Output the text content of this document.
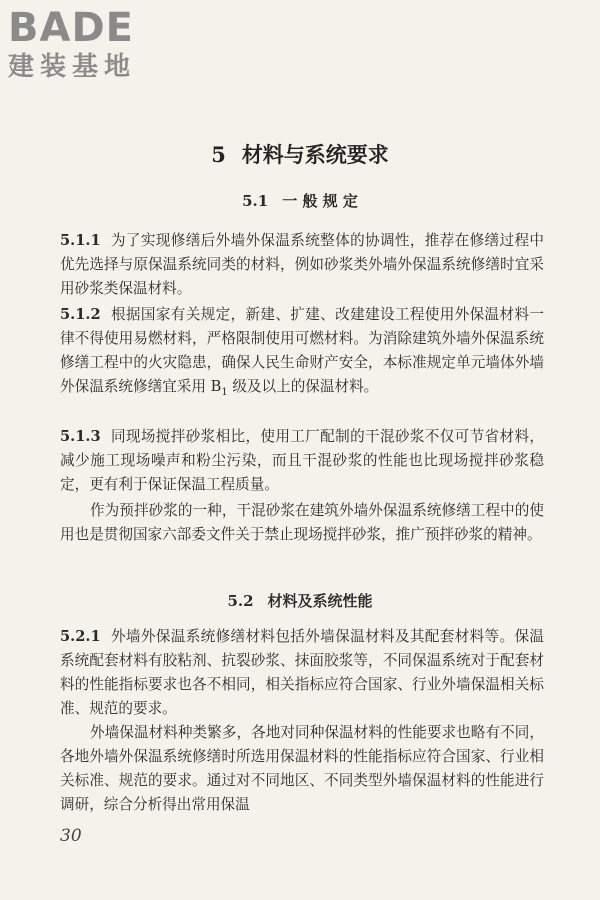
BADE
建装基地
5 材料与系统要求
5.1 一 般 规 定

5.1.1 为了实现修缮后外墙外保温系统整体的协调性，推荐在修缮过程中优先选择与原保温系统同类的材料，例如砂浆类外墙外保温系统修缮时宜采用砂浆类保温材料。

5.1.2 根据国家有关规定，新建、扩建、改建建设工程使用外保温材料一律不得使用易燃材料，严格限制使用可燃材料。为消除建筑外墙外保温系统修缮工程中的火灾隐患，确保人民生命财产安全，本标准规定单元墙体外墙外保温系统修缮宜采用 $B_1$ 级及以上的保温材料。

5.1.3 同现场搅拌砂浆相比，使用工厂配制的干混砂浆不仅可节省材料，减少施工现场噪声和粉尘污染，而且干混砂浆的性能也比现场搅拌砂浆稳定，更有利于保证保温工程质量。

作为预拌砂浆的一种，干混砂浆在建筑外墙外保温系统修缮工程中的使用也是贯彻国家六部委文件关于禁止现场搅拌砂浆，推广预拌砂浆的精神。

5.2 材料及系统性能

5.2.1 外墙外保温系统修缮材料包括外墙保温材料及其配套材料等。保温系统配套材料有胶粘剂、抗裂砂浆、抹面胶浆等，不同保温系统对于配套材料的性能指标要求也各不相同，相关指标应符合国家、行业外墙保温相关标准、规范的要求。

外墙保温材料种类繁多，各地对同种保温材料的性能要求也略有不同，各地外墙外保温系统修缮时所选用保温材料的性能指标应符合国家、行业相关标准、规范的要求。通过对不同地区、不同类型外墙保温材料的性能进行调研，综合分析得出常用保温

30
